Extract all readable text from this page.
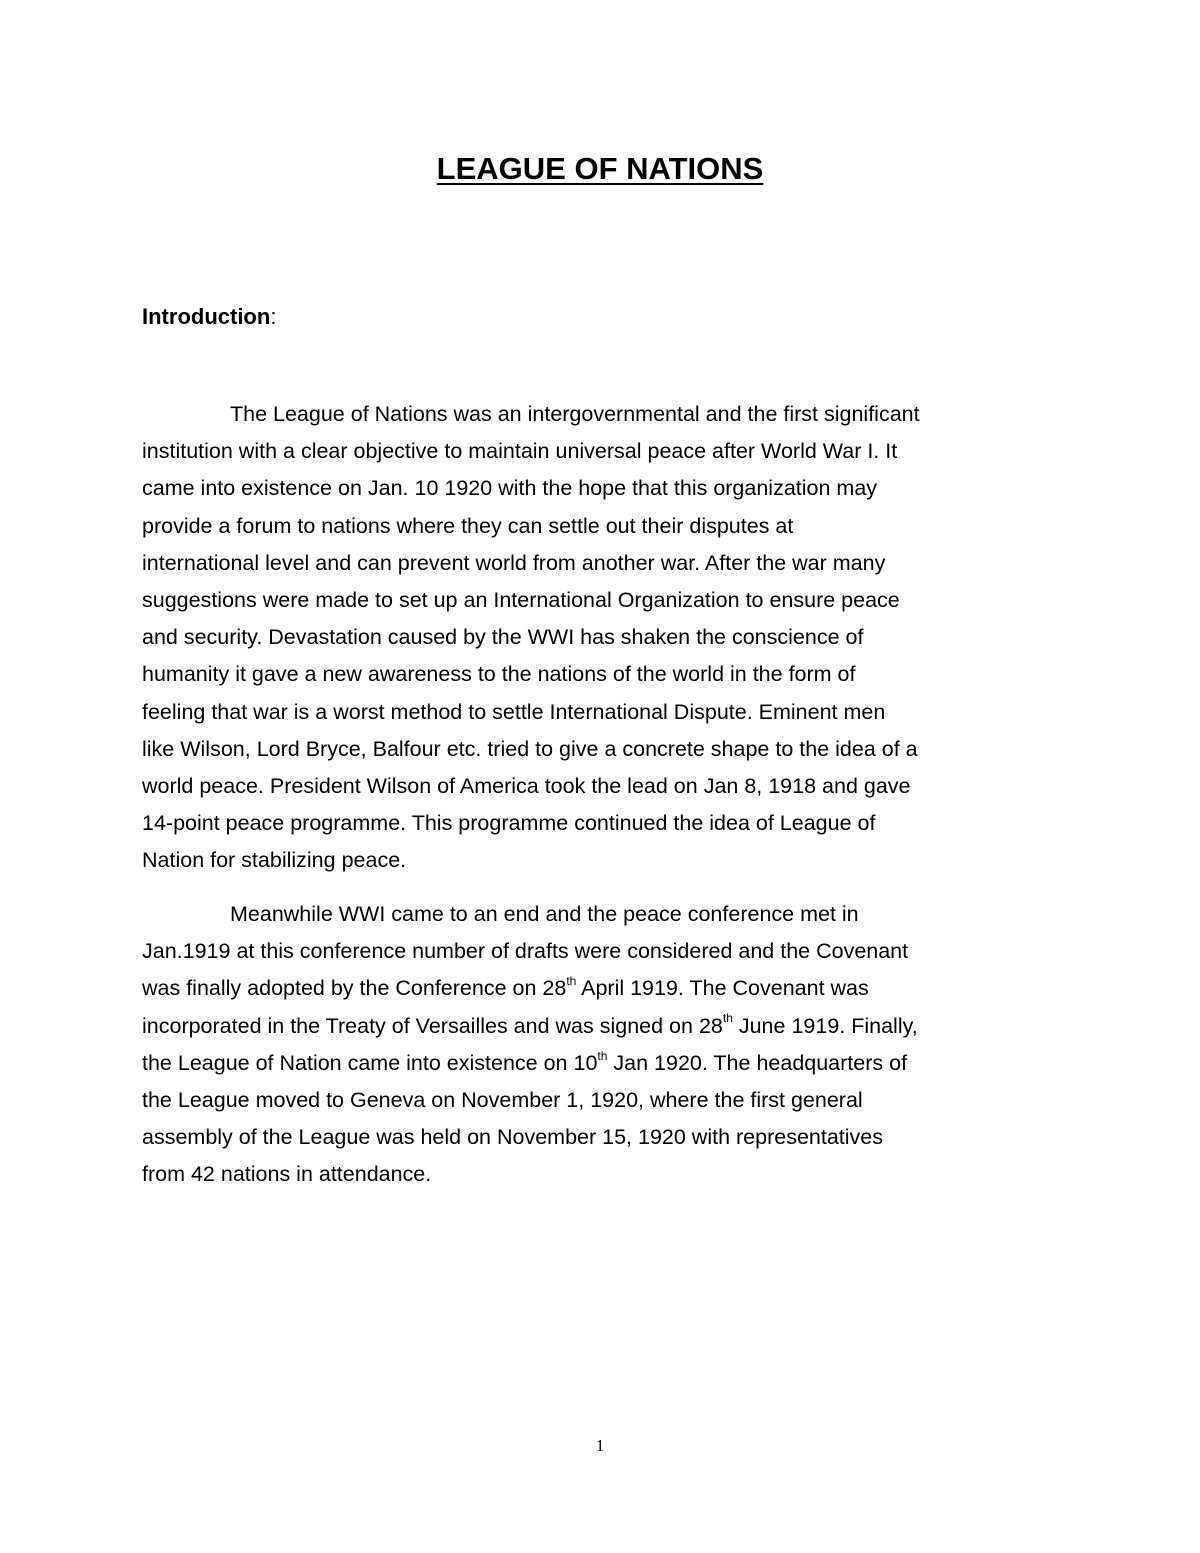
LEAGUE OF NATIONS

Introduction:

The League of Nations was an intergovernmental and the first significant
institution with a clear objective to maintain universal peace after World War I. It
came into existence on Jan. 10 1920 with the hope that this organization may
provide a forum to nations where they can settle out their disputes at
international level and can prevent world from another war. After the war many
suggestions were made to set up an International Organization to ensure peace
and security. Devastation caused by the WWI has shaken the conscience of
humanity it gave a new awareness to the nations of the world in the form of
feeling that war is a worst method to settle International Dispute. Eminent men
like Wilson, Lord Bryce, Balfour etc. tried to give a concrete shape to the idea of a
world peace. President Wilson of America took the lead on Jan 8, 1918 and gave
14-point peace programme. This programme continued the idea of League of
Nation for stabilizing peace.
Meanwhile WWI came to an end and the peace conference met in
Jan.1919 at this conference number of drafts were considered and the Covenant
was finally adopted by the Conference on 28th April 1919. The Covenant was
incorporated in the Treaty of Versailles and was signed on 28th June 1919. Finally,
the League of Nation came into existence on 10th Jan 1920. The headquarters of
the League moved to Geneva on November 1, 1920, where the first general
assembly of the League was held on November 15, 1920 with representatives
from 42 nations in attendance.
1
